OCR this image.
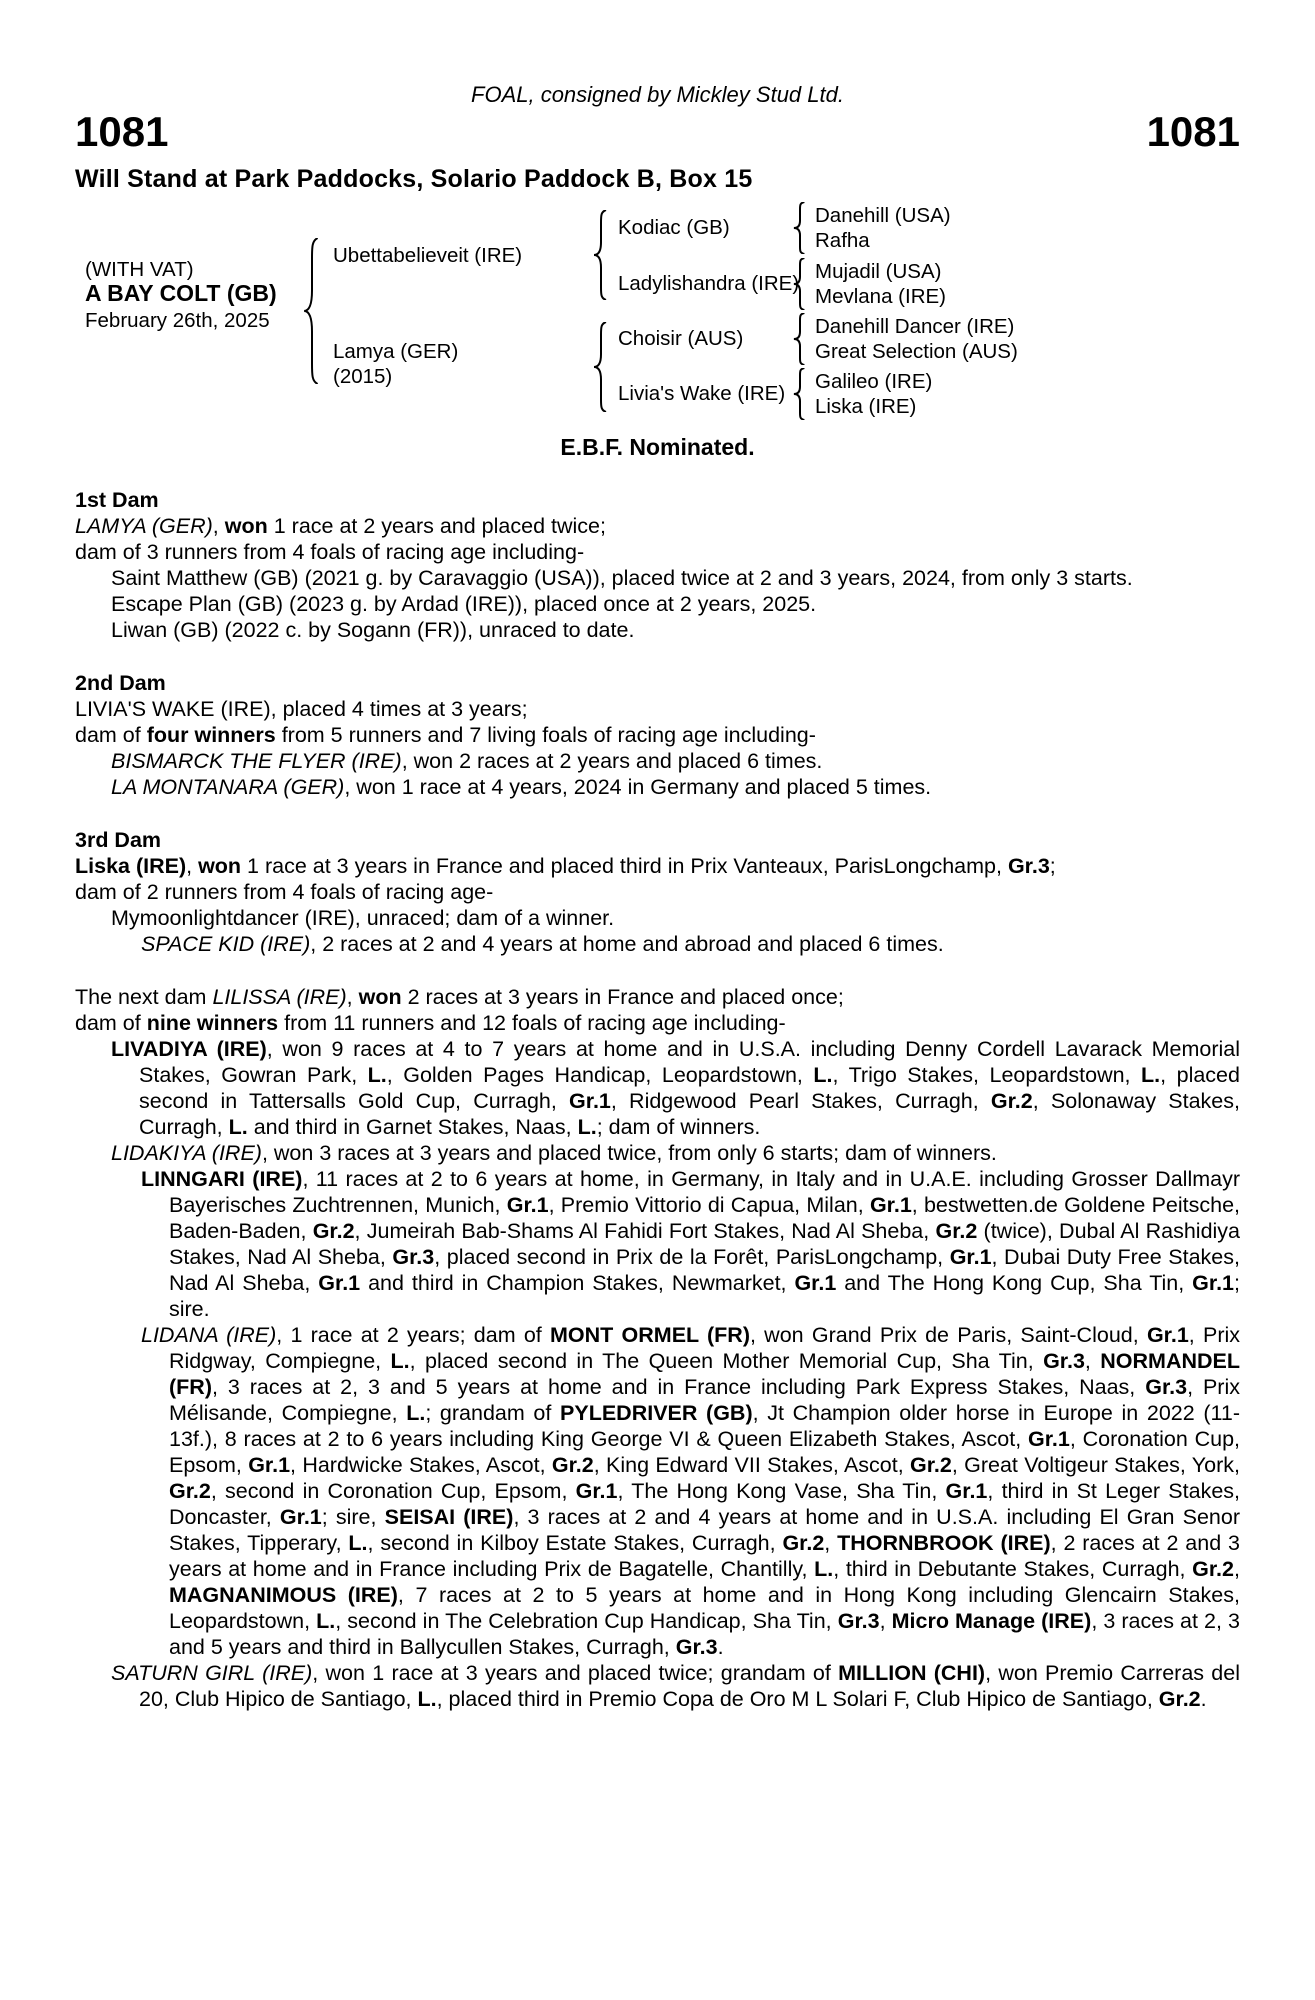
FOAL, consigned by Mickley Stud Ltd.
1081	1081
Will Stand at Park Paddocks, Solario Paddock B, Box 15
(WITH VAT)
A BAY COLT (GB)
February 26th, 2025
Ubettabelieveit (IRE)
Lamya (GER)
(2015)
Kodiac (GB)
Ladylishandra (IRE)
Choisir (AUS)
Livia's Wake (IRE)
Danehill (USA)
Rafha
Mujadil (USA)
Mevlana (IRE)
Danehill Dancer (IRE)
Great Selection (AUS)
Galileo (IRE)
Liska (IRE)
E.B.F. Nominated.
1st Dam
LAMYA (GER), won 1 race at 2 years and placed twice;
dam of 3 runners from 4 foals of racing age including-
Saint Matthew (GB) (2021 g. by Caravaggio (USA)), placed twice at 2 and 3 years, 2024, from only 3 starts.
Escape Plan (GB) (2023 g. by Ardad (IRE)), placed once at 2 years, 2025.
Liwan (GB) (2022 c. by Sogann (FR)), unraced to date.
2nd Dam
LIVIA'S WAKE (IRE), placed 4 times at 3 years;
dam of four winners from 5 runners and 7 living foals of racing age including-
BISMARCK THE FLYER (IRE), won 2 races at 2 years and placed 6 times.
LA MONTANARA (GER), won 1 race at 4 years, 2024 in Germany and placed 5 times.
3rd Dam
Liska (IRE), won 1 race at 3 years in France and placed third in Prix Vanteaux, ParisLongchamp, Gr.3;
dam of 2 runners from 4 foals of racing age-
Mymoonlightdancer (IRE), unraced; dam of a winner.
SPACE KID (IRE), 2 races at 2 and 4 years at home and abroad and placed 6 times.
The next dam LILISSA (IRE), won 2 races at 3 years in France and placed once;
dam of nine winners from 11 runners and 12 foals of racing age including-
LIVADIYA (IRE), won 9 races at 4 to 7 years at home and in U.S.A. including Denny Cordell Lavarack Memorial Stakes, Gowran Park, L., Golden Pages Handicap, Leopardstown, L., Trigo Stakes, Leopardstown, L., placed second in Tattersalls Gold Cup, Curragh, Gr.1, Ridgewood Pearl Stakes, Curragh, Gr.2, Solonaway Stakes, Curragh, L. and third in Garnet Stakes, Naas, L.; dam of winners.
LIDAKIYA (IRE), won 3 races at 3 years and placed twice, from only 6 starts; dam of winners.
LINNGARI (IRE), 11 races at 2 to 6 years at home, in Germany, in Italy and in U.A.E. including Grosser Dallmayr Bayerisches Zuchtrennen, Munich, Gr.1, Premio Vittorio di Capua, Milan, Gr.1, bestwetten.de Goldene Peitsche, Baden-Baden, Gr.2, Jumeirah Bab-Shams Al Fahidi Fort Stakes, Nad Al Sheba, Gr.2 (twice), Dubal Al Rashidiya Stakes, Nad Al Sheba, Gr.3, placed second in Prix de la Forêt, ParisLongchamp, Gr.1, Dubai Duty Free Stakes, Nad Al Sheba, Gr.1 and third in Champion Stakes, Newmarket, Gr.1 and The Hong Kong Cup, Sha Tin, Gr.1; sire.
LIDANA (IRE), 1 race at 2 years; dam of MONT ORMEL (FR), won Grand Prix de Paris, Saint-Cloud, Gr.1, Prix Ridgway, Compiegne, L., placed second in The Queen Mother Memorial Cup, Sha Tin, Gr.3, NORMANDEL (FR), 3 races at 2, 3 and 5 years at home and in France including Park Express Stakes, Naas, Gr.3, Prix Mélisande, Compiegne, L.; grandam of PYLEDRIVER (GB), Jt Champion older horse in Europe in 2022 (11-13f.), 8 races at 2 to 6 years including King George VI & Queen Elizabeth Stakes, Ascot, Gr.1, Coronation Cup, Epsom, Gr.1, Hardwicke Stakes, Ascot, Gr.2, King Edward VII Stakes, Ascot, Gr.2, Great Voltigeur Stakes, York, Gr.2, second in Coronation Cup, Epsom, Gr.1, The Hong Kong Vase, Sha Tin, Gr.1, third in St Leger Stakes, Doncaster, Gr.1; sire, SEISAI (IRE), 3 races at 2 and 4 years at home and in U.S.A. including El Gran Senor Stakes, Tipperary, L., second in Kilboy Estate Stakes, Curragh, Gr.2, THORNBROOK (IRE), 2 races at 2 and 3 years at home and in France including Prix de Bagatelle, Chantilly, L., third in Debutante Stakes, Curragh, Gr.2, MAGNANIMOUS (IRE), 7 races at 2 to 5 years at home and in Hong Kong including Glencairn Stakes, Leopardstown, L., second in The Celebration Cup Handicap, Sha Tin, Gr.3, Micro Manage (IRE), 3 races at 2, 3 and 5 years and third in Ballycullen Stakes, Curragh, Gr.3.
SATURN GIRL (IRE), won 1 race at 3 years and placed twice; grandam of MILLION (CHI), won Premio Carreras del 20, Club Hipico de Santiago, L., placed third in Premio Copa de Oro M L Solari F, Club Hipico de Santiago, Gr.2.
